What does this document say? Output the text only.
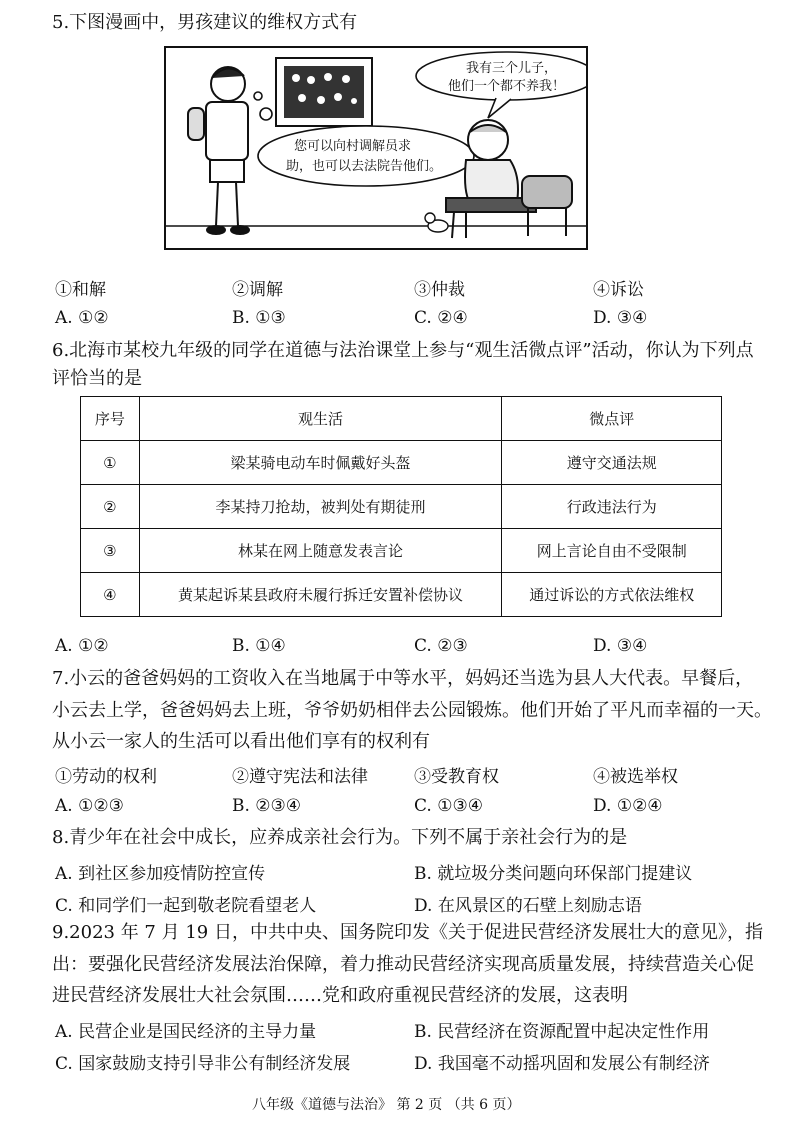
5.下图漫画中，男孩建议的维权方式有
我有三个儿子，
他们一个都不养我！
您可以向村调解员求
助，也可以去法院告他们。
①和解	②调解	③仲裁	④诉讼
A. ①②	B. ①③	C. ②④	D. ③④
6.北海市某校九年级的同学在道德与法治课堂上参与“观生活微点评”活动，你认为下列点
评恰当的是
序号	观生活	微点评
①	梁某骑电动车时佩戴好头盔	遵守交通法规
②	李某持刀抢劫，被判处有期徒刑	行政违法行为
③	林某在网上随意发表言论	网上言论自由不受限制
④	黄某起诉某县政府未履行拆迁安置补偿协议	通过诉讼的方式依法维权
A. ①②	B. ①④	C. ②③	D. ③④
7.小云的爸爸妈妈的工资收入在当地属于中等水平，妈妈还当选为县人大代表。早餐后，
小云去上学，爸爸妈妈去上班，爷爷奶奶相伴去公园锻炼。他们开始了平凡而幸福的一天。
从小云一家人的生活可以看出他们享有的权利有
①劳动的权利	②遵守宪法和法律	③受教育权	④被选举权
A. ①②③	B. ②③④	C. ①③④	D. ①②④
8.青少年在社会中成长，应养成亲社会行为。下列不属于亲社会行为的是
A. 到社区参加疫情防控宣传	B. 就垃圾分类问题向环保部门提建议
C. 和同学们一起到敬老院看望老人	D. 在风景区的石壁上刻励志语
9.2023 年 7 月 19 日，中共中央、国务院印发《关于促进民营经济发展壮大的意见》，指
出：要强化民营经济发展法治保障，着力推动民营经济实现高质量发展，持续营造关心促
进民营经济发展壮大社会氛围……党和政府重视民营经济的发展，这表明
A. 民营企业是国民经济的主导力量	B. 民营经济在资源配置中起决定性作用
C. 国家鼓励支持引导非公有制经济发展	D. 我国毫不动摇巩固和发展公有制经济
八年级《道德与法治》 第 2 页 （共 6 页）
